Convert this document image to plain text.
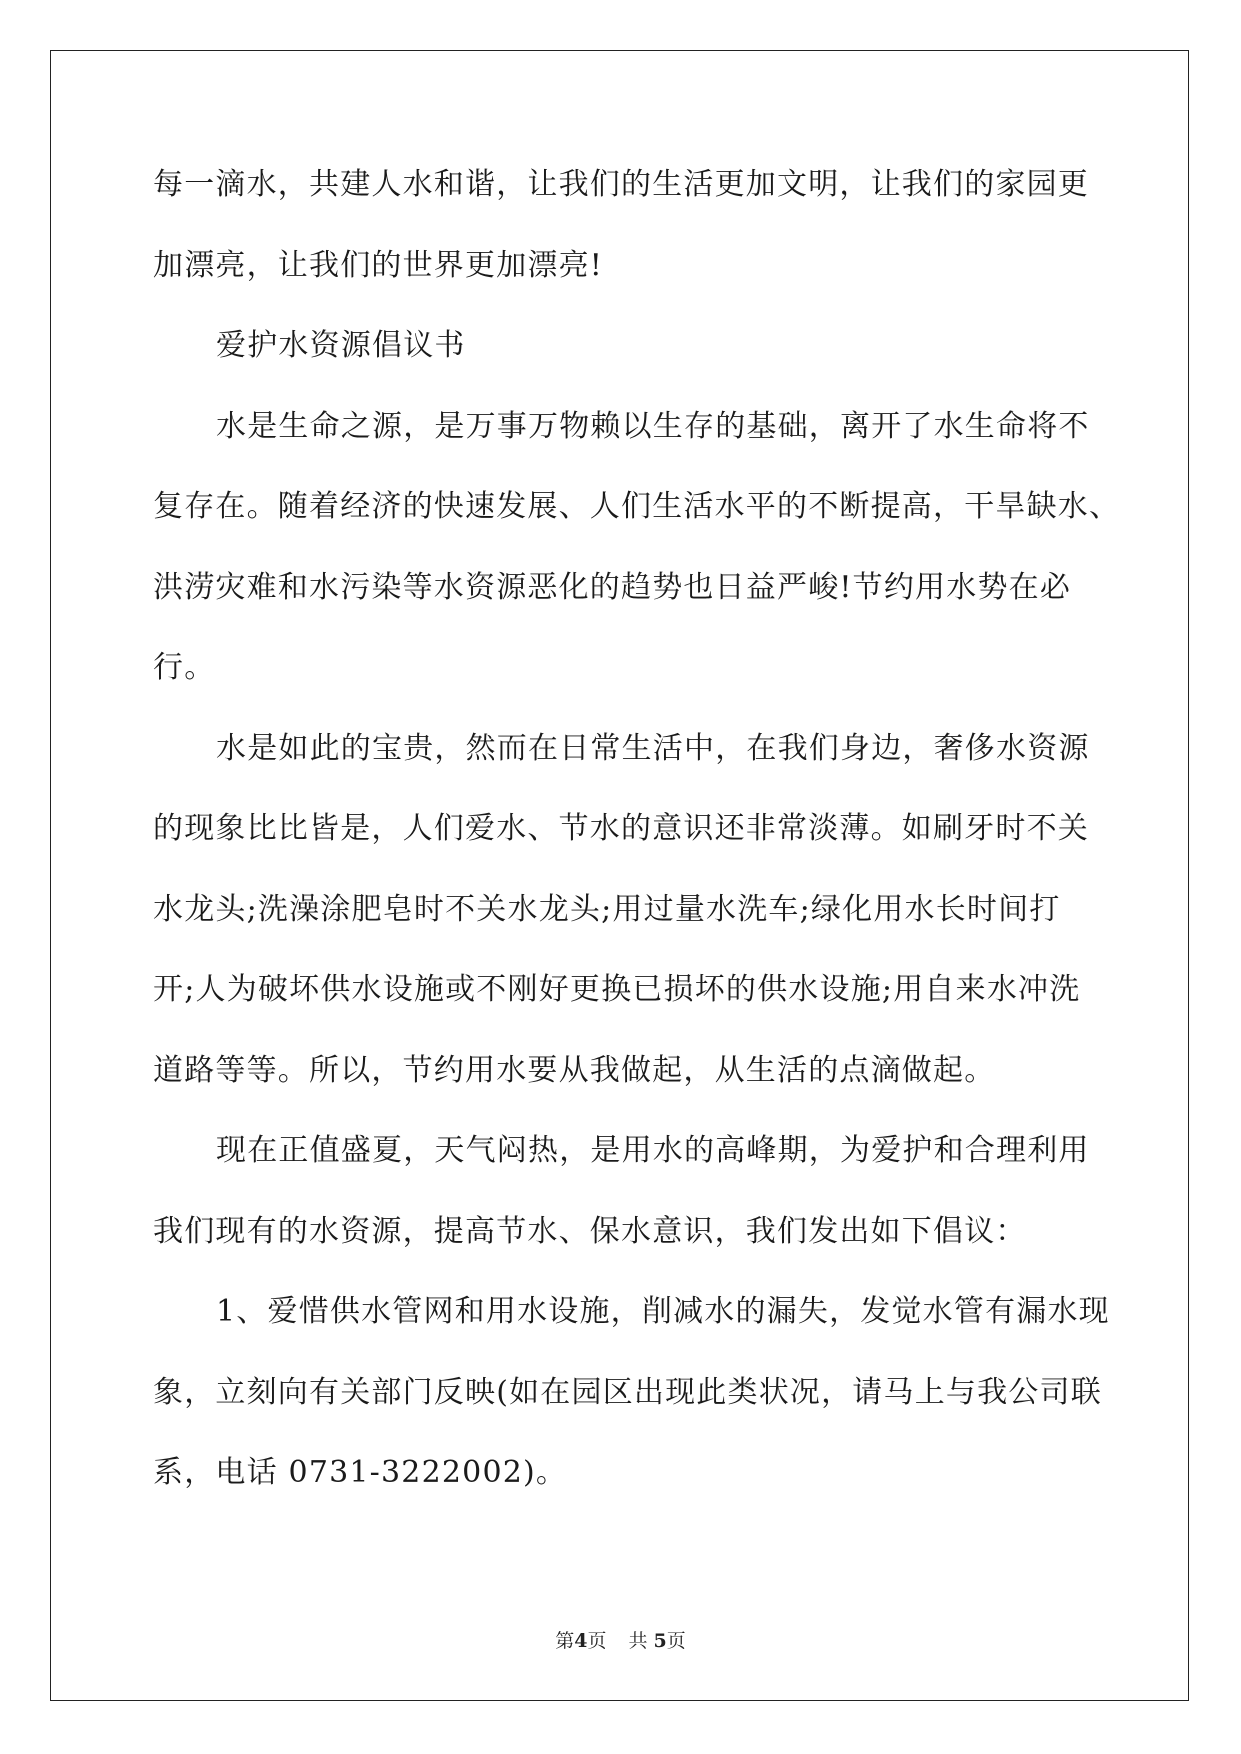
每一滴水，共建人水和谐，让我们的生活更加文明，让我们的家园更
加漂亮，让我们的世界更加漂亮!
爱护水资源倡议书
水是生命之源，是万事万物赖以生存的基础，离开了水生命将不
复存在。随着经济的快速发展、人们生活水平的不断提高，干旱缺水、
洪涝灾难和水污染等水资源恶化的趋势也日益严峻!节约用水势在必
行。
水是如此的宝贵，然而在日常生活中，在我们身边，奢侈水资源
的现象比比皆是，人们爱水、节水的意识还非常淡薄。如刷牙时不关
水龙头;洗澡涂肥皂时不关水龙头;用过量水洗车;绿化用水长时间打
开;人为破坏供水设施或不刚好更换已损坏的供水设施;用自来水冲洗
道路等等。所以，节约用水要从我做起，从生活的点滴做起。
现在正值盛夏，天气闷热，是用水的高峰期，为爱护和合理利用
我们现有的水资源，提高节水、保水意识，我们发出如下倡议：
1、爱惜供水管网和用水设施，削减水的漏失，发觉水管有漏水现
象，立刻向有关部门反映(如在园区出现此类状况，请马上与我公司联
系，电话 0731-3222002)。
第4页 共 5页
